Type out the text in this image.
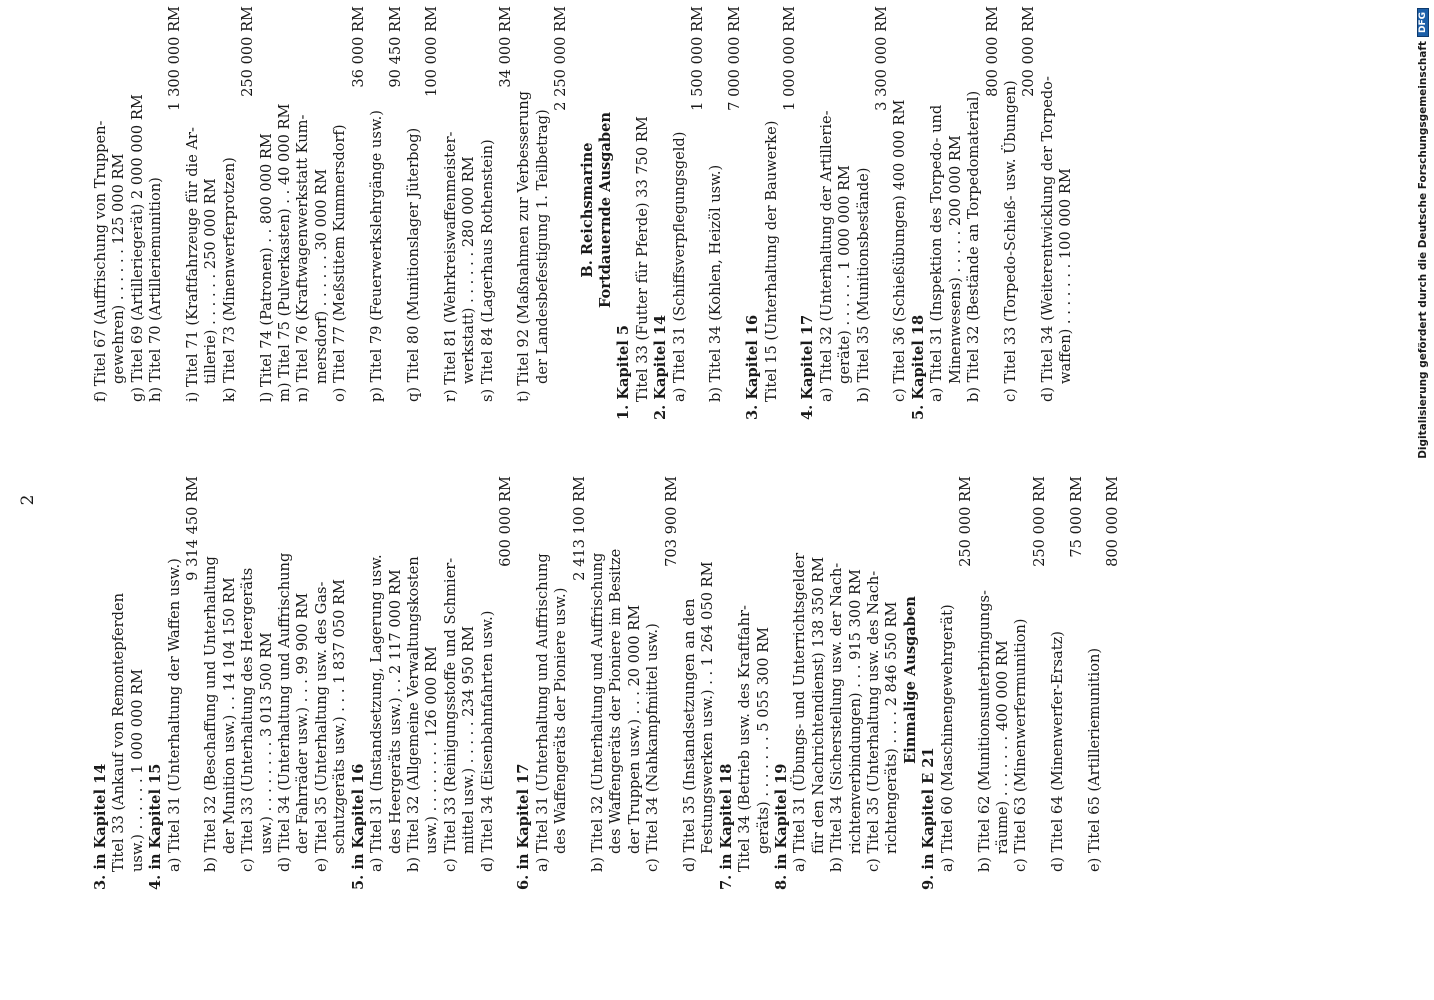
2
3. in Kapitel 14 Titel 33 (Ankauf von Remontepferden usw.) . . . . . . 1 000 000 RM 4. in Kapitel 15 a) Titel 31 (Unterhaltung der Waffen usw.)
9 314 450 RM
b) Titel 32 (Beschaffung und Unterhaltung der Munition usw.) . . 14 104 150 RM c) Titel 33 (Unterhaltung des Heergeräts usw.) . . . . . . . . 3 013 500 RM d) Titel 34 (Unterhaltung und Auffrischung der Fahrräder usw.) . . . 99 900 RM e) Titel 35 (Unterhaltung usw. des Gas- schutzgeräts usw.) . . . 1 837 050 RM 5. in Kapitel 16 a) Titel 31 (Instandsetzung, Lagerung usw. des Heergeräts usw.) . . 2 117 000 RM b) Titel 32 (Allgemeine Verwaltungskosten usw.) . . . . . . . . 126 000 RM c) Titel 33 (Reinigungsstoffe und Schmier- mittel usw.) . . . . . 234 950 RM d) Titel 34 (Eisenbahnfahrten usw.)
600 000 RM
6. in Kapitel 17 a) Titel 31 (Unterhaltung und Auffrischung des Waffengeräts der Pioniere usw.)
2 413 100 RM
b) Titel 32 (Unterhaltung und Auffrischung des Waffengeräts der Pioniere im Besitze der Truppen usw.) . . . 20 000 RM c) Titel 34 (Nahkampfmittel usw.)
703 900 RM
d) Titel 35 (Instandsetzungen an den Festungswerken usw.) . . 1 264 050 RM 7. in Kapitel 18 Titel 34 (Betrieb usw. des Kraftfahr- geräts) . . . . . . . 5 055 300 RM 8. in Kapitel 19 a) Titel 31 (Übungs- und Unterrichtsgelder für den Nachrichtendienst) 138 350 RM b) Titel 34 (Sicherstellung usw. der Nach- richtenverbindungen) . . . 915 300 RM c) Titel 35 (Unterhaltung usw. des Nach- richtengeräts) . . . . 2 846 550 RM Einmalige Ausgaben
9. in Kapitel E 21 a) Titel 60 (Maschinengewehrgerät)
250 000 RM
b) Titel 62 (Munitionsunterbringungs- räume) . . . . . . . 400 000 RM c) Titel 63 (Minenwerfermunition)
250 000 RM
d) Titel 64 (Minenwerfer-Ersatz)
75 000 RM
e) Titel 65 (Artilleriemunition)
800 000 RM
f) Titel 67 (Auffrischung von Truppen- gewehren) . . . . . . 125 000 RM g) Titel 69 (Artilleriegerät) 2 000 000 RM h) Titel 70 (Artilleriemunition)
1 300 000 RM
i) Titel 71 (Kraftfahrzeuge für die Ar- tillerie) . . . . . . 250 000 RM k) Titel 73 (Minenwerferprotzen)
250 000 RM
l) Titel 74 (Patronen) . . 800 000 RM m) Titel 75 (Pulverkasten) . . 40 000 RM n) Titel 76 (Kraftwagenwerkstatt Kum- mersdorf) . . . . . . 30 000 RM o) Titel 77 (Meßstitem Kummersdorf)
36 000 RM
p) Titel 79 (Feuerwerkslehrgänge usw.)
90 450 RM
q) Titel 80 (Munitionslager Jüterbog)
100 000 RM
r) Titel 81 (Wehrkreiswaffenmeister- werkstatt) . . . . . . 280 000 RM s) Titel 84 (Lagerhaus Rothenstein)
34 000 RM
t) Titel 92 (Maßnahmen zur Verbesserung der Landesbefestigung 1. Teilbetrag)
2 250 000 RM
B. Reichsmarine Fortdauernde Ausgaben
1. Kapitel 5 Titel 33 (Futter für Pferde) 33 750 RM 2. Kapitel 14 a) Titel 31 (Schiffsverpflegungsgeld)
1 500 000 RM
b) Titel 34 (Kohlen, Heizöl usw.)
7 000 000 RM
3. Kapitel 16 Titel 15 (Unterhaltung der Bauwerke)
1 000 000 RM
4. Kapitel 17 a) Titel 32 (Unterhaltung der Artillerie- geräte) . . . . . . 1 000 000 RM b) Titel 35 (Munitionsbestände)
3 300 000 RM
c) Titel 36 (Schießübungen) 400 000 RM 5. Kapitel 18 a) Titel 31 (Inspektion des Torpedo- und Minenwesens) . . . . . 200 000 RM b) Titel 32 (Bestände an Torpedomaterial)
800 000 RM
c) Titel 33 (Torpedo-Schieß- usw. Übungen)
200 000 RM
d) Titel 34 (Weiterentwicklung der Torpedo- waffen) . . . . . . . 100 000 RM	Digitalisierung gefördert durch die Deutsche Forschungsgemeinschaft
DFG
